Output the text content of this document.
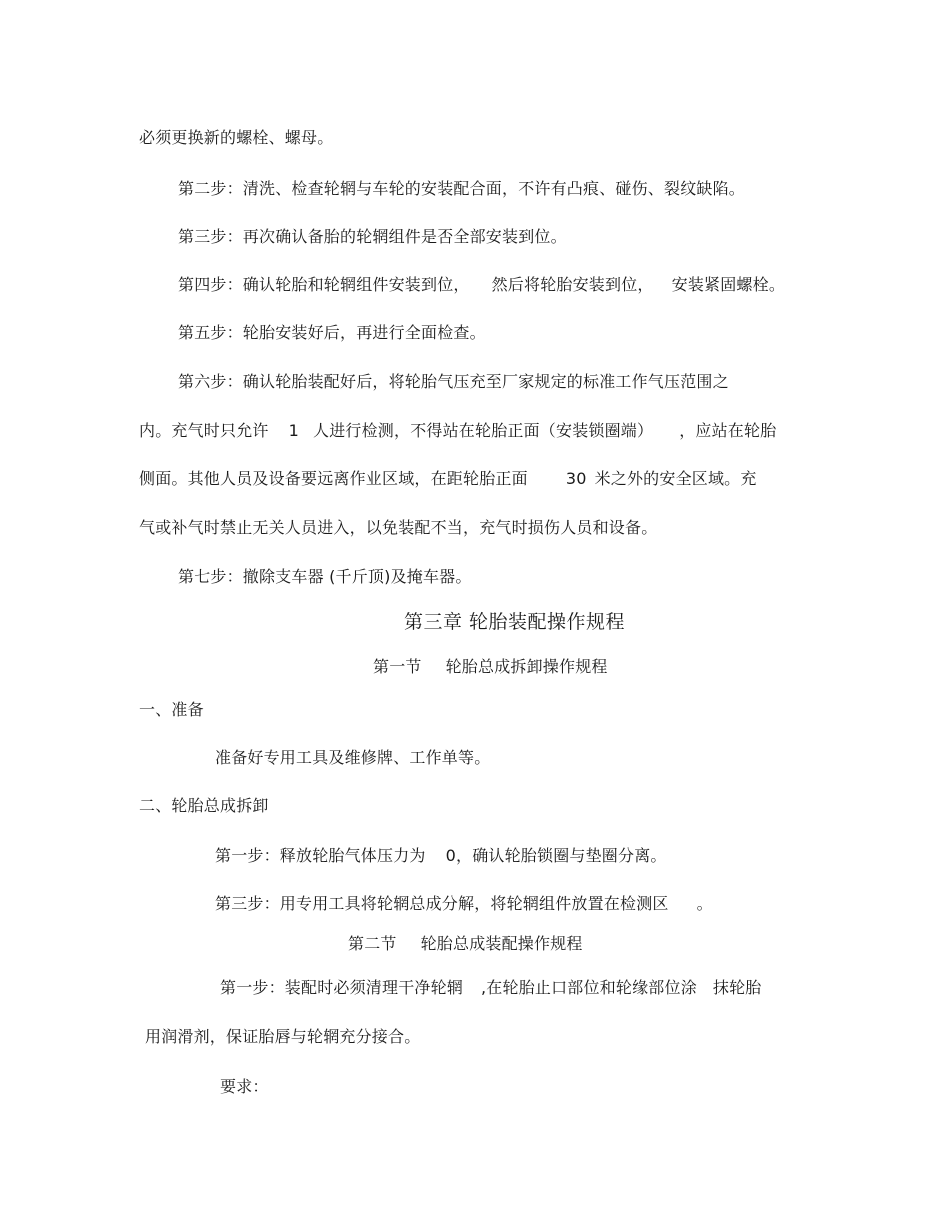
必须更换新的螺栓、螺母。
第二步：清洗、检查轮辋与车轮的安装配合面，不许有凸痕、碰伤、裂纹缺陷。
第三步：再次确认备胎的轮辋组件是否全部安装到位。
第四步：确认轮胎和轮辋组件安装到位， 然后将轮胎安装到位， 安装紧固螺栓。
第五步：轮胎安装好后，再进行全面检查。
第六步：确认轮胎装配好后，将轮胎气压充至厂家规定的标准工作气压范围之
内。充气时只允许 1 人进行检测，不得站在轮胎正面（安装锁圈端） ，应站在轮胎
侧面。其他人员及设备要远离作业区域，在距轮胎正面 30 米之外的安全区域。充
气或补气时禁止无关人员进入，以免装配不当，充气时损伤人员和设备。
第七步：撤除支车器 (千斤顶)及掩车器。
第三章 轮胎装配操作规程
第一节 轮胎总成拆卸操作规程
一、准备
准备好专用工具及维修牌、工作单等。
二、轮胎总成拆卸
第一步：释放轮胎气体压力为 0，确认轮胎锁圈与垫圈分离。
第三步：用专用工具将轮辋总成分解，将轮辋组件放置在检测区 。
第二节 轮胎总成装配操作规程
第一步：装配时必须清理干净轮辋 ,在轮胎止口部位和轮缘部位涂 抹轮胎
用润滑剂，保证胎唇与轮辋充分接合。
要求：
